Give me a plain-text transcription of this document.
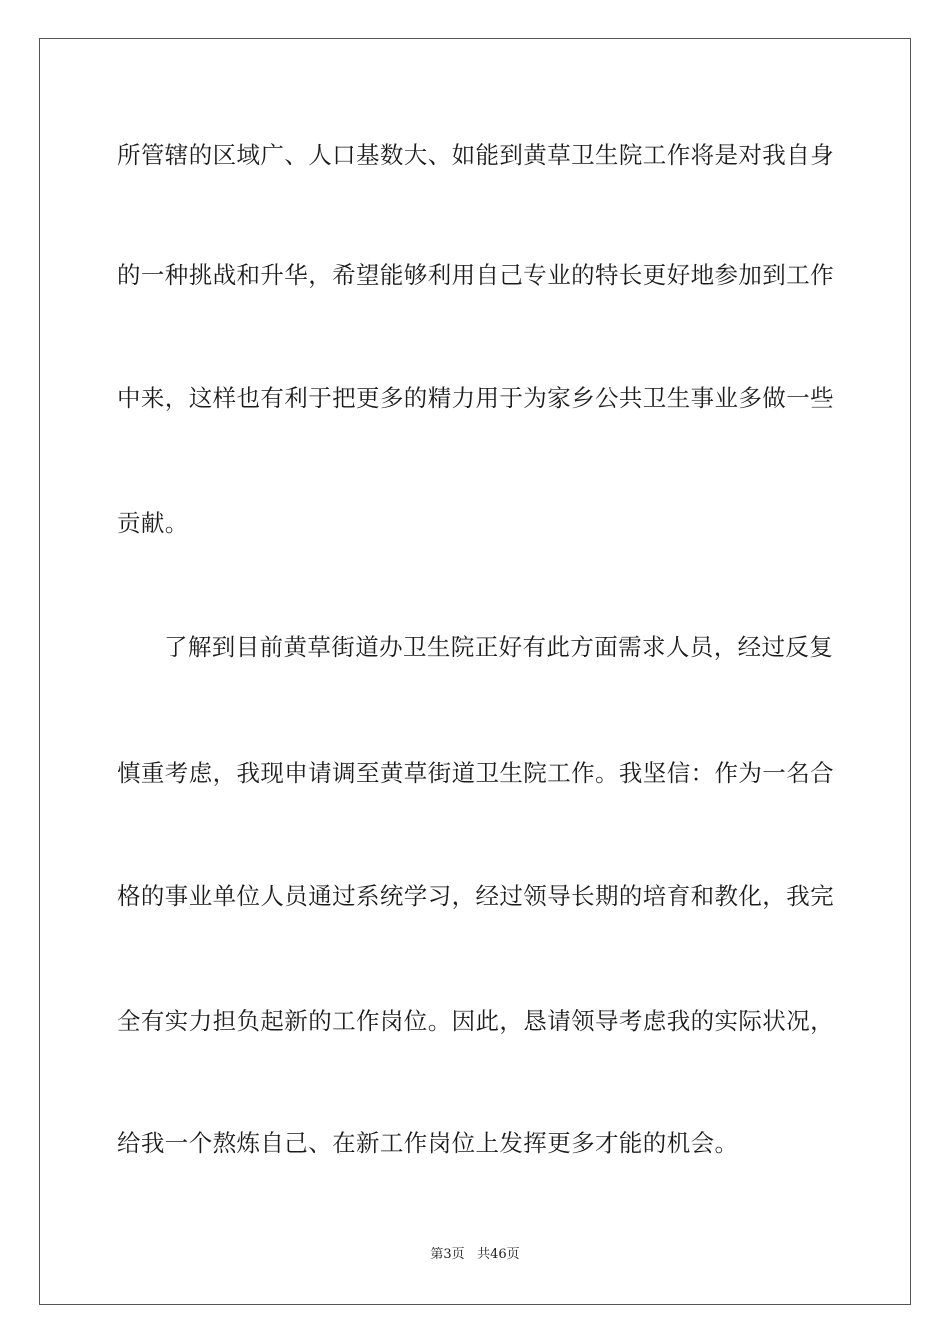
所管辖的区域广、人口基数大、如能到黄草卫生院工作将是对我自身
的一种挑战和升华，希望能够利用自己专业的特长更好地参加到工作
中来，这样也有利于把更多的精力用于为家乡公共卫生事业多做一些
贡献。
了解到目前黄草街道办卫生院正好有此方面需求人员，经过反复
慎重考虑，我现申请调至黄草街道卫生院工作。我坚信：作为一名合
格的事业单位人员通过系统学习，经过领导长期的培育和教化，我完
全有实力担负起新的工作岗位。因此，恳请领导考虑我的实际状况，
给我一个熬炼自己、在新工作岗位上发挥更多才能的机会。
第3页 共46页
